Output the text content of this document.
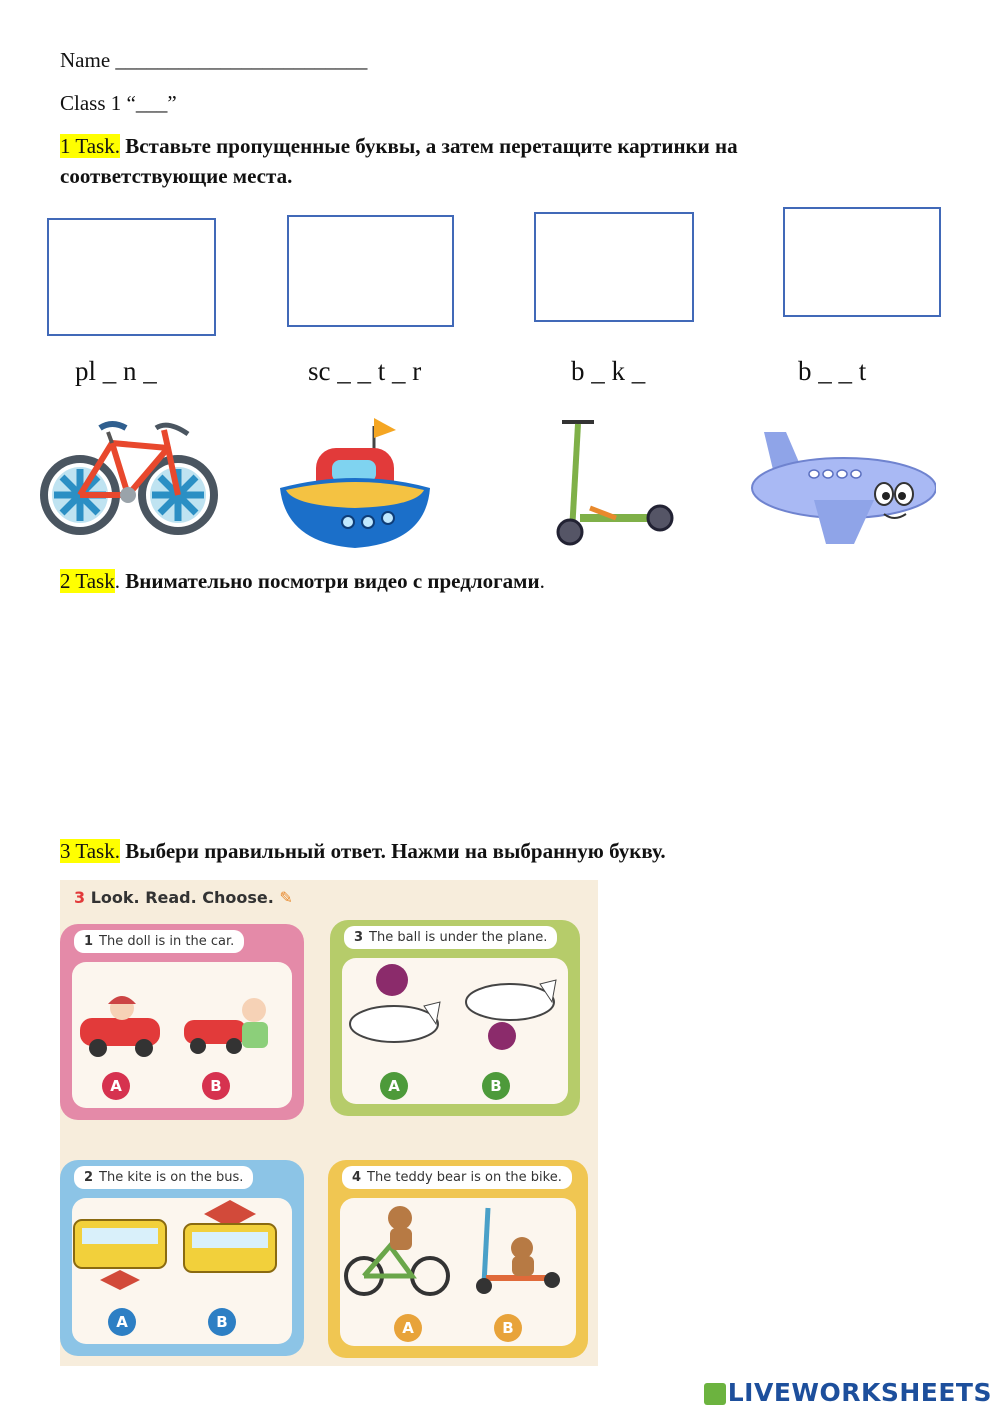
Name ________________________
Class 1 “___”
1 Task. Вставьте пропущенные буквы, а затем перетащите картинки на
соответствующие места.
pl _ n _	sc _ _ t _ r	b _ k _	b _ _ t
2 Task. Внимательно посмотри видео с предлогами.
3 Task. Выбери правильный ответ. Нажми на выбранную букву.
3 Look. Read. Choose. ✎
1 The doll is in the car.
A	B
3 The ball is under the plane.
A	B
2 The kite is on the bus.
A	B
4 The teddy bear is on the bike.
A	B
LIVEWORKSHEETS
